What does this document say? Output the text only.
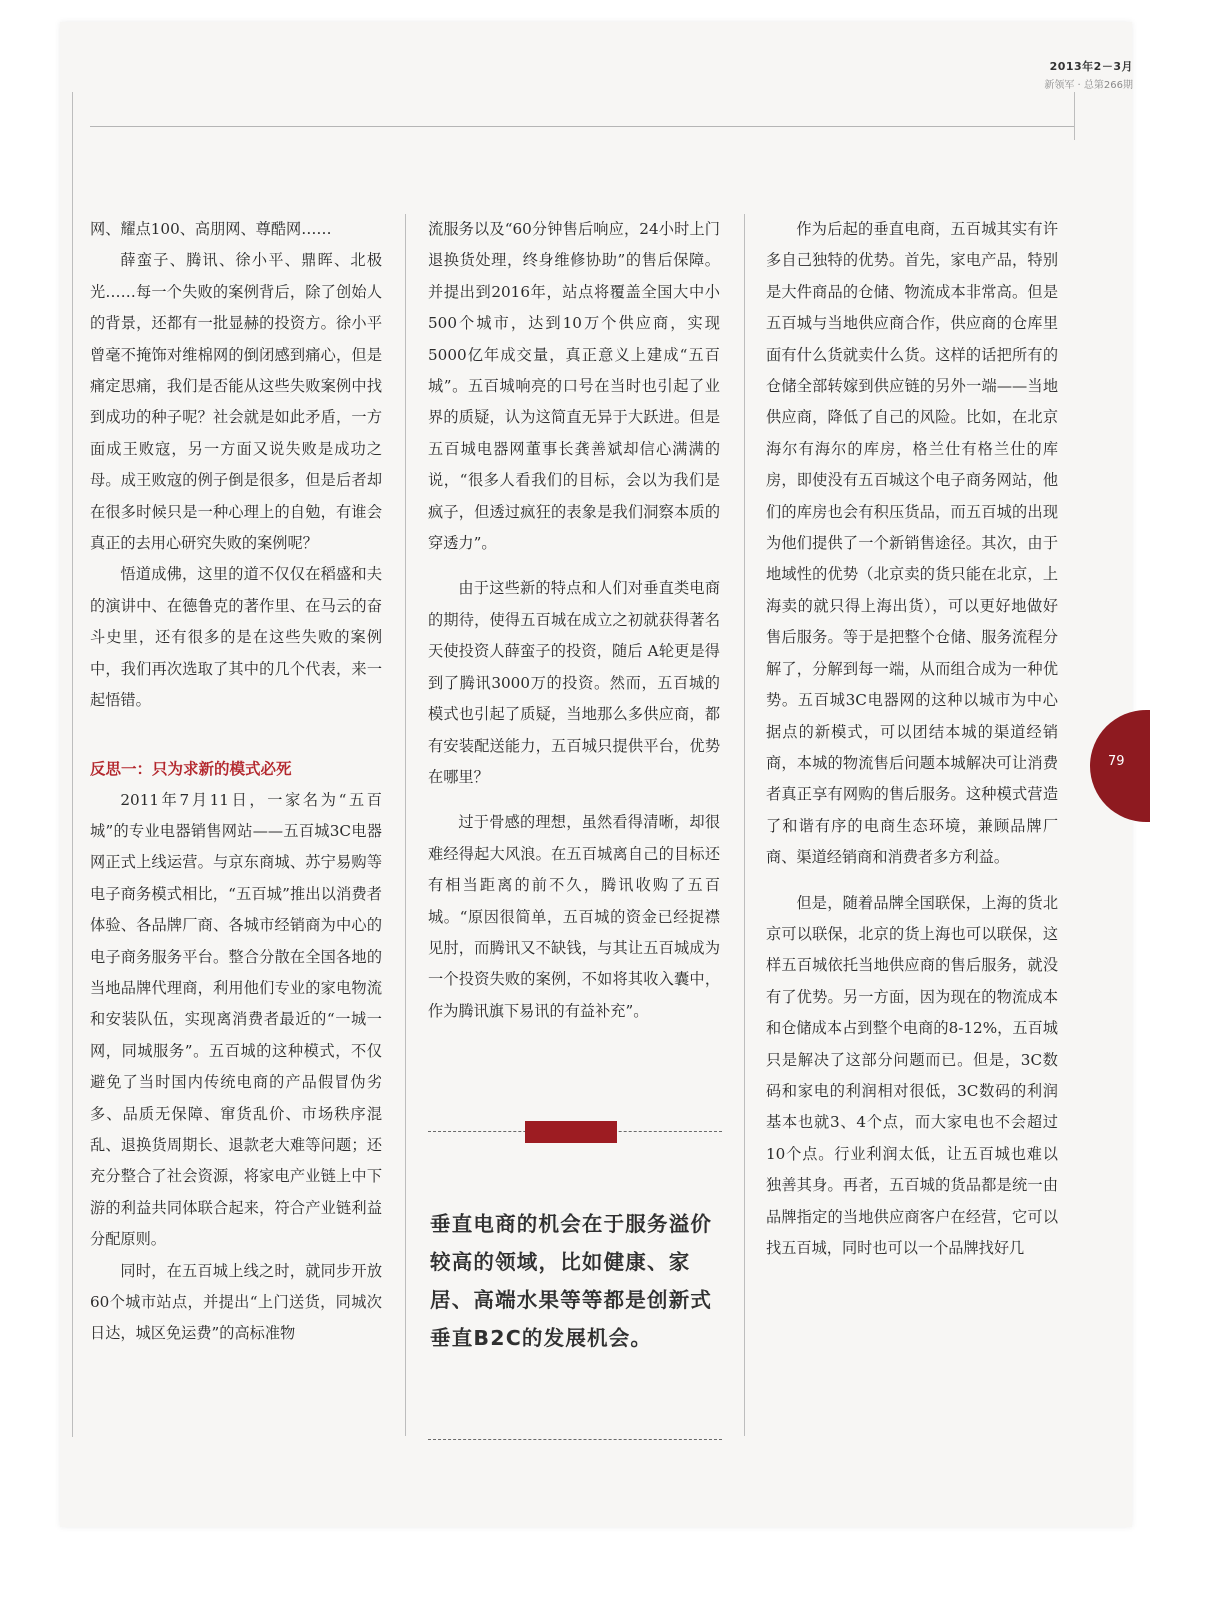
2013年2－3月
新领军 · 总第266期

网、耀点100、高朋网、尊酷网……

薛蛮子、腾讯、徐小平、鼎晖、北极光……每一个失败的案例背后，除了创始人的背景，还都有一批显赫的投资方。徐小平曾毫不掩饰对维棉网的倒闭感到痛心，但是痛定思痛，我们是否能从这些失败案例中找到成功的种子呢？社会就是如此矛盾，一方面成王败寇，另一方面又说失败是成功之母。成王败寇的例子倒是很多，但是后者却在很多时候只是一种心理上的自勉，有谁会真正的去用心研究失败的案例呢？

悟道成佛，这里的道不仅仅在稻盛和夫的演讲中、在德鲁克的著作里、在马云的奋斗史里，还有很多的是在这些失败的案例中，我们再次选取了其中的几个代表，来一起悟错。

反思一：只为求新的模式必死

2011年7月11日，一家名为“五百城”的专业电器销售网站——五百城3C电器网正式上线运营。与京东商城、苏宁易购等电子商务模式相比，“五百城”推出以消费者体验、各品牌厂商、各城市经销商为中心的电子商务服务平台。整合分散在全国各地的当地品牌代理商，利用他们专业的家电物流和安装队伍，实现离消费者最近的“一城一网，同城服务”。五百城的这种模式，不仅避免了当时国内传统电商的产品假冒伪劣多、品质无保障、窜货乱价、市场秩序混乱、退换货周期长、退款老大难等问题；还充分整合了社会资源，将家电产业链上中下游的利益共同体联合起来，符合产业链利益分配原则。

同时，在五百城上线之时，就同步开放60个城市站点，并提出“上门送货，同城次日达，城区免运费”的高标准物

流服务以及“60分钟售后响应，24小时上门退换货处理，终身维修协助”的售后保障。并提出到2016年，站点将覆盖全国大中小500个城市，达到10万个供应商，实现5000亿年成交量，真正意义上建成“五百城”。五百城响亮的口号在当时也引起了业界的质疑，认为这简直无异于大跃进。但是五百城电器网董事长龚善斌却信心满满的说，“很多人看我们的目标，会以为我们是疯子，但透过疯狂的表象是我们洞察本质的穿透力”。

由于这些新的特点和人们对垂直类电商的期待，使得五百城在成立之初就获得著名天使投资人薛蛮子的投资，随后 A轮更是得到了腾讯3000万的投资。然而，五百城的模式也引起了质疑，当地那么多供应商，都有安装配送能力，五百城只提供平台，优势在哪里？

过于骨感的理想，虽然看得清晰，却很难经得起大风浪。在五百城离自己的目标还有相当距离的前不久，腾讯收购了五百城。“原因很简单，五百城的资金已经捉襟见肘，而腾讯又不缺钱，与其让五百城成为一个投资失败的案例，不如将其收入囊中，作为腾讯旗下易讯的有益补充”。

垂直电商的机会在于服务溢价较高的领域，比如健康、家居、高端水果等等都是创新式垂直B2C的发展机会。

作为后起的垂直电商，五百城其实有许多自己独特的优势。首先，家电产品，特别是大件商品的仓储、物流成本非常高。但是五百城与当地供应商合作，供应商的仓库里面有什么货就卖什么货。这样的话把所有的仓储全部转嫁到供应链的另外一端——当地供应商，降低了自己的风险。比如，在北京海尔有海尔的库房，格兰仕有格兰仕的库房，即使没有五百城这个电子商务网站，他们的库房也会有积压货品，而五百城的出现为他们提供了一个新销售途径。其次，由于地域性的优势（北京卖的货只能在北京，上海卖的就只得上海出货），可以更好地做好售后服务。等于是把整个仓储、服务流程分解了，分解到每一端，从而组合成为一种优势。五百城3C电器网的这种以城市为中心据点的新模式，可以团结本城的渠道经销商，本城的物流售后问题本城解决可让消费者真正享有网购的售后服务。这种模式营造了和谐有序的电商生态环境，兼顾品牌厂商、渠道经销商和消费者多方利益。

但是，随着品牌全国联保，上海的货北京可以联保，北京的货上海也可以联保，这样五百城依托当地供应商的售后服务，就没有了优势。另一方面，因为现在的物流成本和仓储成本占到整个电商的8-12%，五百城只是解决了这部分问题而已。但是，3C数码和家电的利润相对很低，3C数码的利润基本也就3、4个点，而大家电也不会超过10个点。行业利润太低，让五百城也难以独善其身。再者，五百城的货品都是统一由品牌指定的当地供应商客户在经营，它可以找五百城，同时也可以一个品牌找好几

79
